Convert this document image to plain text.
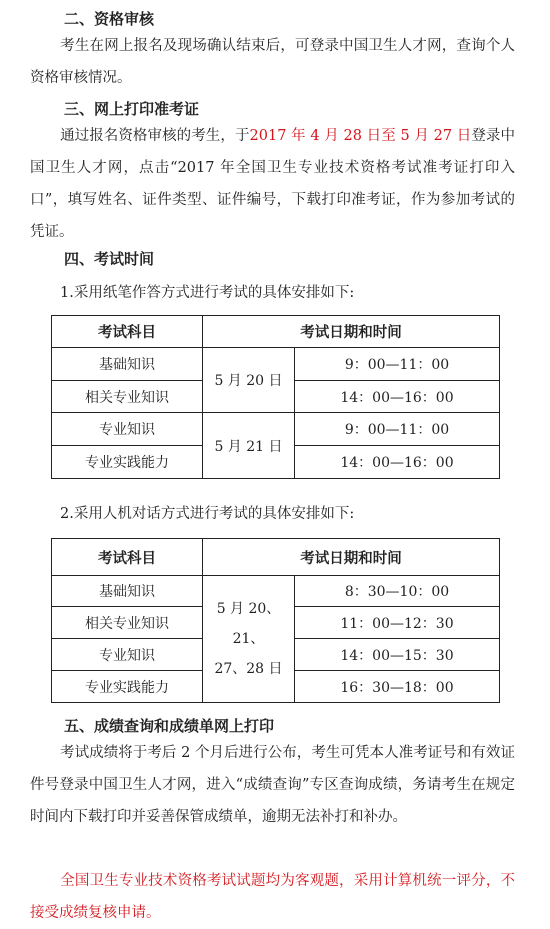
二、资格审核
考生在网上报名及现场确认结束后，可登录中国卫生人才网，查询个人资格审核情况。
三、网上打印准考证
通过报名资格审核的考生，于2017 年 4 月 28 日至 5 月 27 日登录中国卫生人才网，点击“2017 年全国卫生专业技术资格考试准考证打印入口”，填写姓名、证件类型、证件编号，下载打印准考证，作为参加考试的凭证。
四、考试时间
1.采用纸笔作答方式进行考试的具体安排如下:
考试科目	考试日期和时间	
基础知识	5 月 20 日	9：00—11：00
相关专业知识		14：00—16：00
专业知识	5 月 21 日	9：00—11：00
专业实践能力		14：00—16：00
2.采用人机对话方式进行考试的具体安排如下:
考试科目	考试日期和时间	
基础知识	5 月 20、21、
27、28 日	8：30—10：00
相关专业知识		11：00—12：30
专业知识		14：00—15：30
专业实践能力		16：30—18：00
五、成绩查询和成绩单网上打印
考试成绩将于考后 2 个月后进行公布，考生可凭本人准考证号和有效证件号登录中国卫生人才网，进入“成绩查询”专区查询成绩，务请考生在规定时间内下载打印并妥善保管成绩单，逾期无法补打和补办。
全国卫生专业技术资格考试试题均为客观题，采用计算机统一评分，不接受成绩复核申请。
